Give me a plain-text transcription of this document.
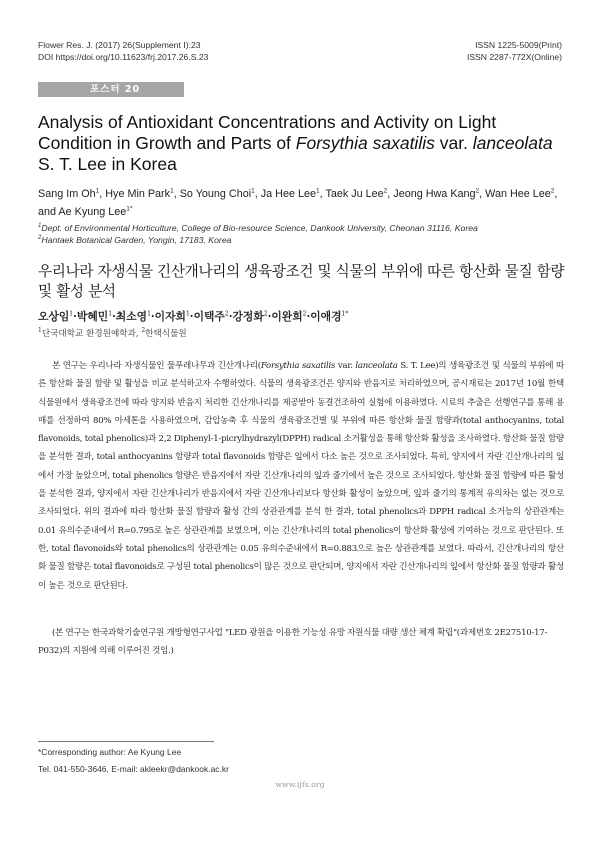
Flower Res. J. (2017) 26(Supplement Ⅰ):23	ISSN 1225-5009(Print)
DOI https://doi.org/10.11623/frj.2017.26.S.23	ISSN 2287-772X(Online)
포스터 20
Analysis of Antioxidant Concentrations and Activity on Light Condition in Growth and Parts of Forsythia saxatilis var. lanceolata S. T. Lee in Korea
Sang Im Oh$^1$, Hye Min Park$^1$, So Young Choi$^1$, Ja Hee Lee$^1$, Taek Ju Lee$^2$, Jeong Hwa Kang$^2$, Wan Hee Lee$^2$, and Ae Kyung Lee$^{1*}$
$^1$Dept. of Environmental Horticulture, College of Bio-resource Science, Dankook University, Cheonan 31116, Korea
$^2$Hantaek Botanical Garden, Yongin, 17183, Korea
우리나라 자생식물 긴산개나리의 생육광조건 및 식물의 부위에 따른 항산화 물질 함량 및 활성 분석
오상임$^1$·박혜민$^1$·최소영$^1$·이자희$^1$·이택주$^2$·강정화$^2$·이완희$^2$·이애경$^{1*}$
$^1$단국대학교 환경원예학과, $^2$한택식물원

본 연구는 우리나라 자생식물인 물푸레나무과 긴산개나리(Forsythia saxatilis var. lanceolata S. T. Lee)의 생육광조건 및 식물의 부위에 따른 항산화 물질 함량 및 활성을 비교 분석하고자 수행하였다. 식물의 생육광조건은 양지와 반음지로 처리하였으며, 공시재료는 2017년 10월 한택식물원에서 생육광조건에 따라 양지와 반음지 처리한 긴산개나리를 제공받아 동결건조하여 실험에 이용하였다. 시료의 추출은 선행연구를 통해 용매를 선정하여 80% 아세톤을 사용하였으며, 감압농축 후 식물의 생육광조건별 및 부위에 따른 항산화 물질 함량과(total anthocyanins, total flavonoids, total phenolics)과 2,2 Diphenyl-1-picrylhydrazyl(DPPH) radical 소거활성을 통해 항산화 활성을 조사하였다. 항산화 물질 함량을 분석한 결과, total anthocyanins 함량과 total flavonoids 함량은 잎에서 다소 높은 것으로 조사되었다. 특히, 양지에서 자란 긴산개나리의 잎에서 가장 높았으며, total phenolics 함량은 반음지에서 자란 긴산개나리의 잎과 줄기에서 높은 것으로 조사되었다. 항산화 물질 함량에 따른 활성을 분석한 결과, 양지에서 자란 긴산개나리가 반음지에서 자란 긴산개나리보다 항산화 활성이 높았으며, 잎과 줄기의 통계적 유의차는 없는 것으로 조사되었다. 위의 결과에 따라 항산화 물질 함량과 활성 간의 상관관계를 분석 한 결과, total phenolics과 DPPH radical 소거능의 상관관계는 0.01 유의수준내에서 R=0.795로 높은 상관관계를 보였으며, 이는 긴산개나리의 total phenolics이 항산화 활성에 기여하는 것으로 판단된다. 또한, total flavonoids와 total phenolics의 상관관계는 0.05 유의수준내에서 R=0.883으로 높은 상관관계를 보였다. 따라서, 긴산개나리의 항산화 물질 함량은 total flavonoids로 구성된 total phenolics이 많은 것으로 판단되며, 양지에서 자란 긴산개나리의 잎에서 항산화 물질 함량과 활성이 높은 것으로 판단된다.

(본 연구는 한국과학기술연구원 개방형연구사업 "LED 광원을 이용한 기능성 유망 자원식물 대량 생산 체계 확립"(과제번호 2E27510-17-P032)의 지원에 의해 이루어진 것임.)

*Corresponding author: Ae Kyung Lee
Tel. 041-550-3646, E-mail: akleekr@dankook.ac.kr
www.ijfs.org
